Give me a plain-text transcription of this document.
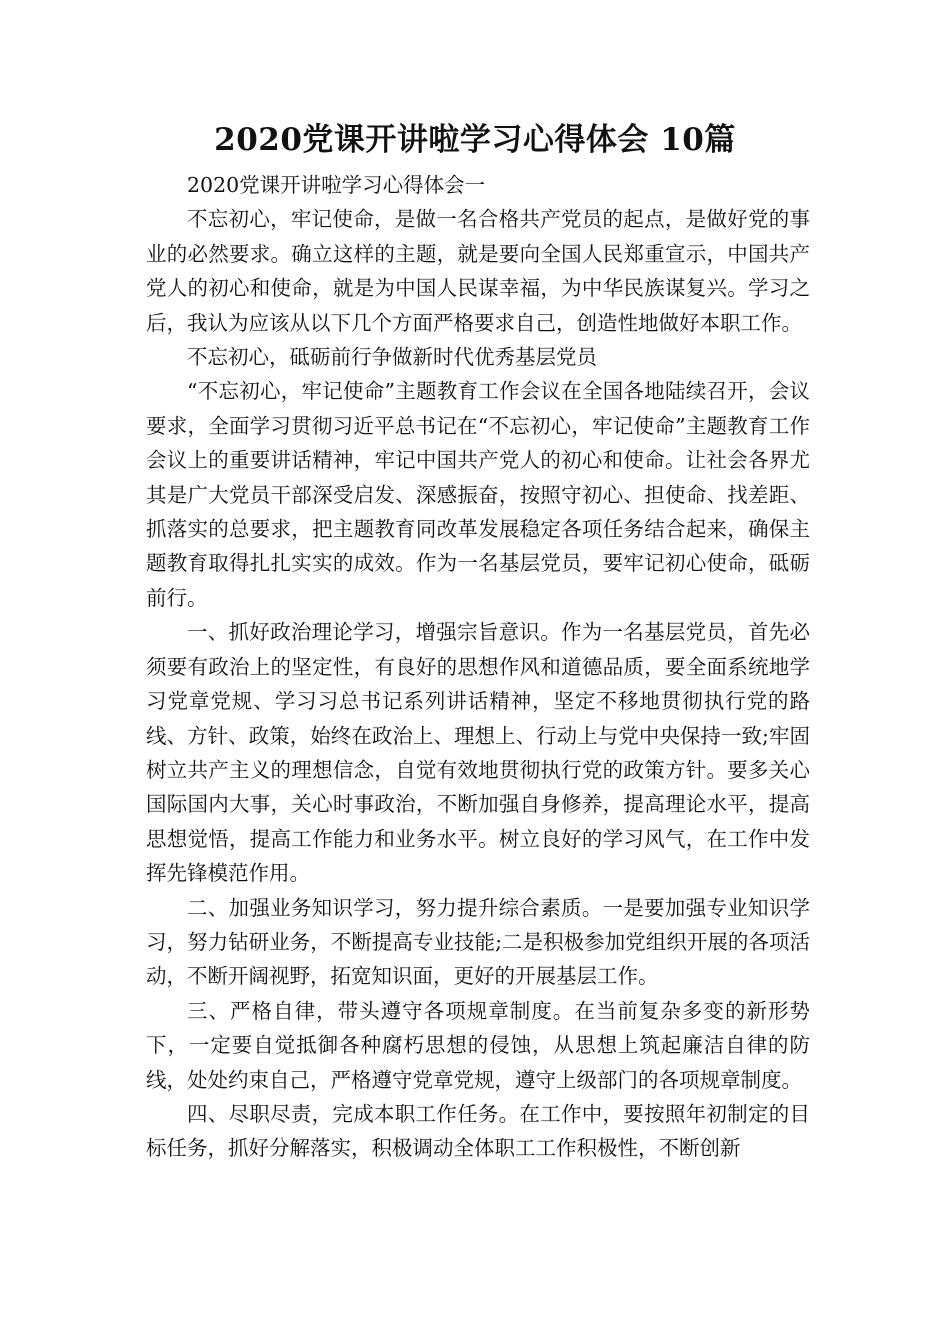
2020党课开讲啦学习心得体会 10篇

2020党课开讲啦学习心得体会一

不忘初心，牢记使命，是做一名合格共产党员的起点，是做好党的事业的必然要求。确立这样的主题，就是要向全国人民郑重宣示，中国共产党人的初心和使命，就是为中国人民谋幸福，为中华民族谋复兴。学习之后，我认为应该从以下几个方面严格要求自己，创造性地做好本职工作。

不忘初心，砥砺前行争做新时代优秀基层党员

“不忘初心，牢记使命”主题教育工作会议在全国各地陆续召开，会议要求，全面学习贯彻习近平总书记在“不忘初心，牢记使命”主题教育工作会议上的重要讲话精神，牢记中国共产党人的初心和使命。让社会各界尤其是广大党员干部深受启发、深感振奋，按照守初心、担使命、找差距、抓落实的总要求，把主题教育同改革发展稳定各项任务结合起来，确保主题教育取得扎扎实实的成效。作为一名基层党员，要牢记初心使命，砥砺前行。

一、抓好政治理论学习，增强宗旨意识。作为一名基层党员，首先必须要有政治上的坚定性，有良好的思想作风和道德品质，要全面系统地学习党章党规、学习习总书记系列讲话精神，坚定不移地贯彻执行党的路线、方针、政策，始终在政治上、理想上、行动上与党中央保持一致;牢固树立共产主义的理想信念，自觉有效地贯彻执行党的政策方针。要多关心国际国内大事，关心时事政治，不断加强自身修养，提高理论水平，提高思想觉悟，提高工作能力和业务水平。树立良好的学习风气，在工作中发挥先锋模范作用。

二、加强业务知识学习，努力提升综合素质。一是要加强专业知识学习，努力钻研业务，不断提高专业技能;二是积极参加党组织开展的各项活动，不断开阔视野，拓宽知识面，更好的开展基层工作。

三、严格自律，带头遵守各项规章制度。在当前复杂多变的新形势下，一定要自觉抵御各种腐朽思想的侵蚀，从思想上筑起廉洁自律的防线，处处约束自己，严格遵守党章党规，遵守上级部门的各项规章制度。

四、尽职尽责，完成本职工作任务。在工作中，要按照年初制定的目标任务，抓好分解落实，积极调动全体职工工作积极性，不断创新
